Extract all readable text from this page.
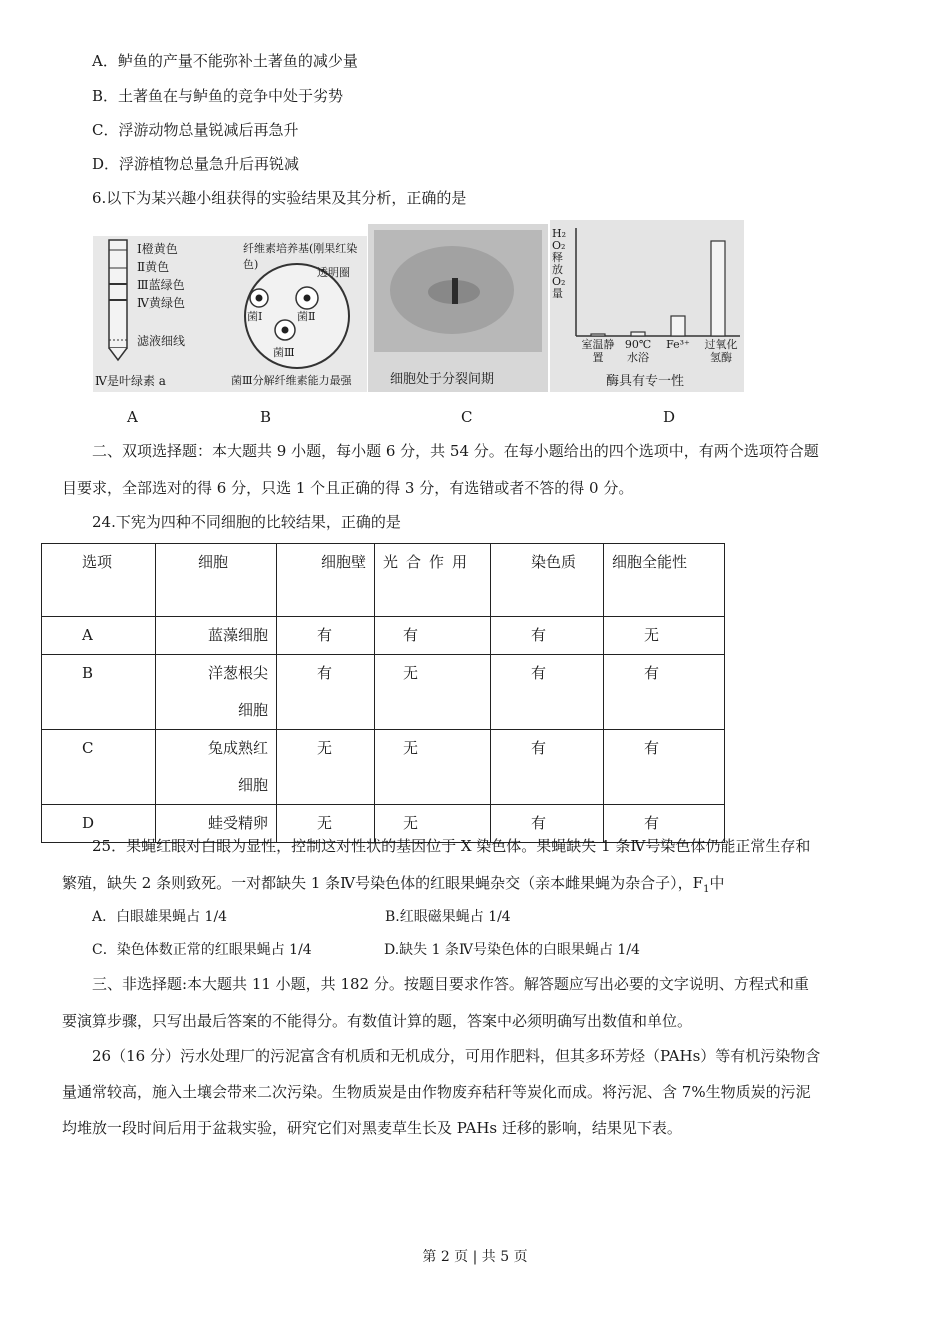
A．鲈鱼的产量不能弥补土著鱼的减少量
B．土著鱼在与鲈鱼的竞争中处于劣势
C．浮游动物总量锐减后再急升
D．浮游植物总量急升后再锐减
6.以下为某兴趣小组获得的实验结果及其分析，正确的是
Ⅰ橙黄色
Ⅱ黄色
Ⅲ蓝绿色
Ⅳ黄绿色
滤液细线
Ⅳ是叶绿素 a
纤维素培养基(刚果红染色)
透明圈
菌Ⅰ	菌Ⅱ
菌Ⅲ
菌Ⅲ分解纤维素能力最强	细胞处于分裂间期
H₂O₂释放O₂量
室温静置
90℃水浴
Fe³⁺	过氧化氢酶
酶具有专一性
A	B	C	D
二、双项选择题：本大题共 9 小题，每小题 6 分，共 54 分。在每小题给出的四个选项中，有两个选项符合题
目要求，全部选对的得 6 分，只选 1 个且正确的得 3 分，有选错或者不答的得 0 分。
24.下宪为四种不同细胞的比较结果，正确的是
选项	细胞	细胞壁	光合作用	染色质	细胞全能性
A	蓝藻细胞	有	有	有	无
B	洋葱根尖细胞	有	无	有	有
C	兔成熟红细胞	无	无	有	有
D	蛙受精卵	无	无	有	有
25．果蝇红眼对白眼为显性，控制这对性状的基因位于 X 染色体。果蝇缺失 1 条Ⅳ号染色体仍能正常生存和
繁殖，缺失 2 条则致死。一对都缺失 1 条Ⅳ号染色体的红眼果蝇杂交（亲本雌果蝇为杂合子），$F_1$中
A．白眼雄果蝇占 1/4	B.红眼磁果蝇占 1/4
C．染色体数正常的红眼果蝇占 1/4	D.缺失 1 条Ⅳ号染色体的白眼果蝇占 1/4
三、非选择题:本大题共 11 小题，共 182 分。按题目要求作答。解答题应写出必要的文字说明、方程式和重
要演算步骤，只写出最后答案的不能得分。有数值计算的题，答案中必须明确写出数值和单位。
26（16 分）污水处理厂的污泥富含有机质和无机成分，可用作肥料，但其多环芳烃（PAHs）等有机污染物含
量通常较高，施入土壤会带来二次污染。生物质炭是由作物废弃秸秆等炭化而成。将污泥、含 7%生物质炭的污泥
均堆放一段时间后用于盆栽实验，研究它们对黑麦草生长及 PAHs 迁移的影响，结果见下表。
第 2 页 | 共 5 页
